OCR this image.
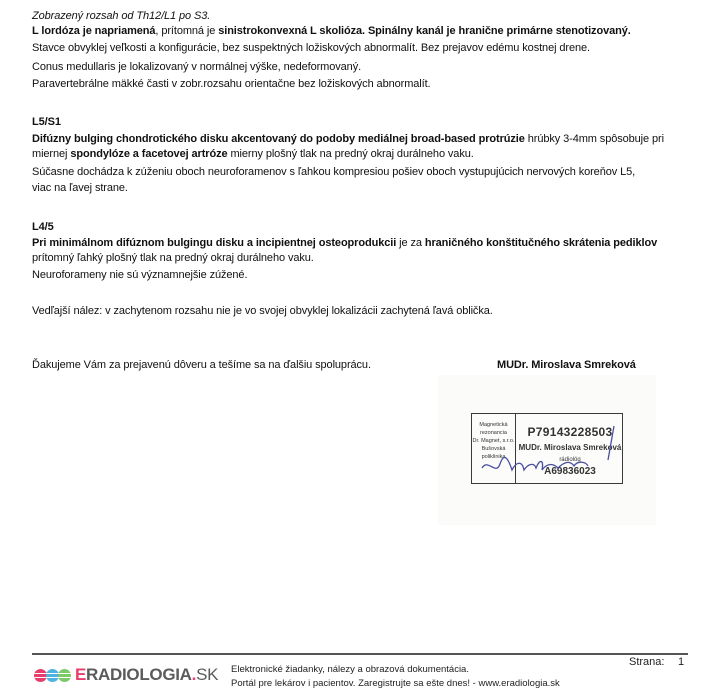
Zobrazený rozsah od Th12/L1 po S3.
L lordóza je napriamená, prítomná je sinistrokonvexná L skolióza. Spinálny kanál je hranične primárne stenotizovaný.
Stavce obvyklej veľkosti a konfigurácie, bez suspektných ložiskových abnormalít. Bez prejavov edému kostnej drene.
Conus medullaris je lokalizovaný v normálnej výške, nedeformovaný.
Paravertebrálne mäkké časti v zobr.rozsahu orientačne bez ložiskových abnormalít.
L5/S1
Difúzny bulging chondrotického disku akcentovaný do podoby mediálnej broad-based protrúzie hrúbky 3-4mm spôsobuje pri
miernej spondylóze a facetovej artróze mierny plošný tlak na predný okraj durálneho vaku.
Súčasne dochádza k zúženiu oboch neuroforamenov s ľahkou kompresiou pošiev oboch vystupujúcich nervových koreňov L5,
viac na ľavej strane.
L4/5
Pri minimálnom difúznom bulgingu disku a incipientnej osteoprodukcii je za hraničného konštitučného skrátenia pediklov
prítomný ľahký plošný tlak na predný okraj durálneho vaku.
Neuroforameny nie sú významnejšie zúžené.
Vedľajší nález: v zachytenom rozsahu nie je vo svojej obvyklej lokalizácii zachytená ľavá oblička.
Ďakujeme Vám za prejavenú dôveru a tešíme sa na ďalšiu spoluprácu.	MUDr. Miroslava Smreková
Magnetická
rezonancia
Dr. Magnet, s.r.o.
Bušovská
poliklinika
P79143228503
MUDr. Miroslava Smreková
rádiológ
A69836023
ERADIOLOGIA.SK Elektronické žiadanky, nálezy a obrazová dokumentácia.
Portál pre lekárov i pacientov. Zaregistrujte sa ešte dnes! - www.eradiologia.sk
Strana: 1
